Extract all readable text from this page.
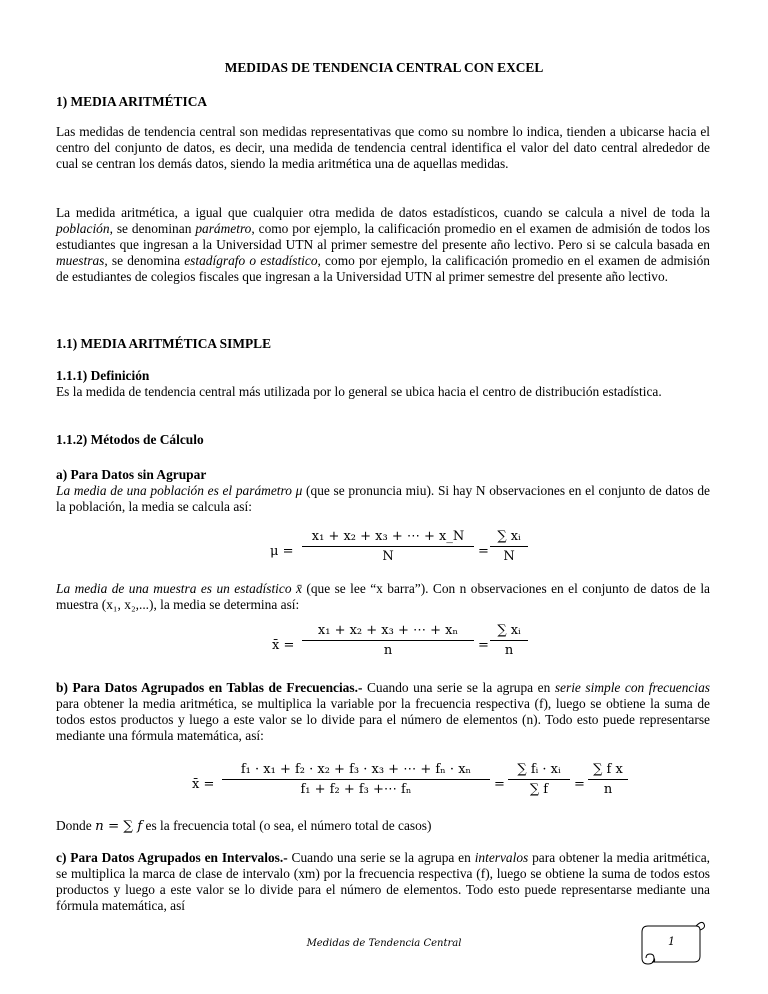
MEDIDAS DE TENDENCIA CENTRAL CON EXCEL
1) MEDIA ARITMÉTICA

Las medidas de tendencia central son medidas representativas que como su nombre lo indica, tienden a ubicarse hacia el centro del conjunto de datos, es decir, una medida de tendencia central identifica el valor del dato central alrededor de cual se centran los demás datos, siendo la media aritmética una de aquellas medidas.

La medida aritmética, a igual que cualquier otra medida de datos estadísticos, cuando se calcula a nivel de toda la población, se denominan parámetro, como por ejemplo, la calificación promedio en el examen de admisión de todos los estudiantes que ingresan a la Universidad UTN al primer semestre del presente año lectivo. Pero si se calcula basada en muestras, se denomina estadígrafo o estadístico, como por ejemplo, la calificación promedio en el examen de admisión de estudiantes de colegios fiscales que ingresan a la Universidad UTN al primer semestre del presente año lectivo.

1.1) MEDIA ARITMÉTICA SIMPLE
1.1.1) Definición

Es la medida de tendencia central más utilizada por lo general se ubica hacia el centro de distribución estadística.

1.1.2) Métodos de Cálculo
a) Para Datos sin Agrupar

La media de una población es el parámetro μ (que se pronuncia miu). Si hay N observaciones en el conjunto de datos de la población, la media se calcula así:

$\mu = \frac{\text{x₁ + x₂ + x₃ + ⋯ + x\_N}}{N} = \frac{\text{∑ xᵢ}}{N}$

La media de una muestra es un estadístico x̄ (que se lee “x barra”). Con n observaciones en el conjunto de datos de la muestra (x₁, x₂,...), la media se determina así:

x̄ = $\frac{\text{x₁ + x₂ + x₃ + ⋯ + xₙ}}{n} = \frac{\text{∑ xᵢ}}{n}$

b) Para Datos Agrupados en Tablas de Frecuencias.- Cuando una serie se la agrupa en serie simple con frecuencias para obtener la media aritmética, se multiplica la variable por la frecuencia respectiva (f), luego se obtiene la suma de todos estos productos y luego a este valor se lo divide para el número de elementos (n). Todo esto puede representarse mediante una fórmula matemática, así:

x̄ = $\frac{\text{f₁ · x₁ + f₂ · x₂ + f₃ · x₃ + ⋯ + fₙ · xₙ}}{\text{f₁ + f₂ + f₃ +⋯ fₙ}} = \frac{\text{∑ fᵢ · xᵢ}}{\sum f} = \frac{\text{∑ f x}}{n}$

Donde n = ∑ f es la frecuencia total (o sea, el número total de casos)

c) Para Datos Agrupados en Intervalos.- Cuando una serie se la agrupa en intervalos para obtener la media aritmética, se multiplica la marca de clase de intervalo (xm) por la frecuencia respectiva (f), luego se obtiene la suma de todos estos productos y luego a este valor se lo divide para el número de elementos. Todo esto puede representarse mediante una fórmula matemática, así

Medidas de Tendencia Central	1
